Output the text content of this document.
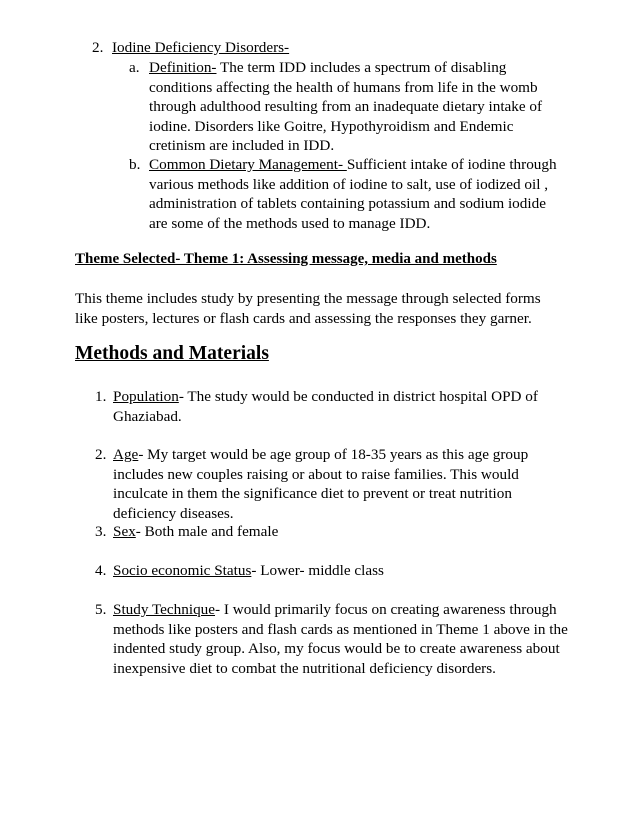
2. Iodine Deficiency Disorders-
a. Definition- The term IDD includes a spectrum of disabling conditions affecting the health of humans from life in the womb through adulthood resulting from an inadequate dietary intake of iodine. Disorders like Goitre, Hypothyroidism and Endemic cretinism are included in IDD.
b. Common Dietary Management- Sufficient intake of iodine through various methods like addition of iodine to salt, use of iodized oil , administration of tablets containing potassium and sodium iodide are some of the methods used to manage IDD.
Theme Selected- Theme 1: Assessing message, media and methods
This theme includes study by presenting the message through selected forms like posters, lectures or flash cards and assessing the responses they garner.
Methods and Materials
1. Population- The study would be conducted in district hospital OPD of Ghaziabad.
2. Age- My target would be age group of 18-35 years as this age group includes new couples raising or about to raise families. This would inculcate in them the significance diet to prevent or treat nutrition deficiency diseases.
3. Sex- Both male and female
4. Socio economic Status- Lower- middle class
5. Study Technique- I would primarily focus on creating awareness through methods like posters and flash cards as mentioned in Theme 1 above in the indented study group. Also, my focus would be to create awareness about inexpensive diet to combat the nutritional deficiency disorders.
